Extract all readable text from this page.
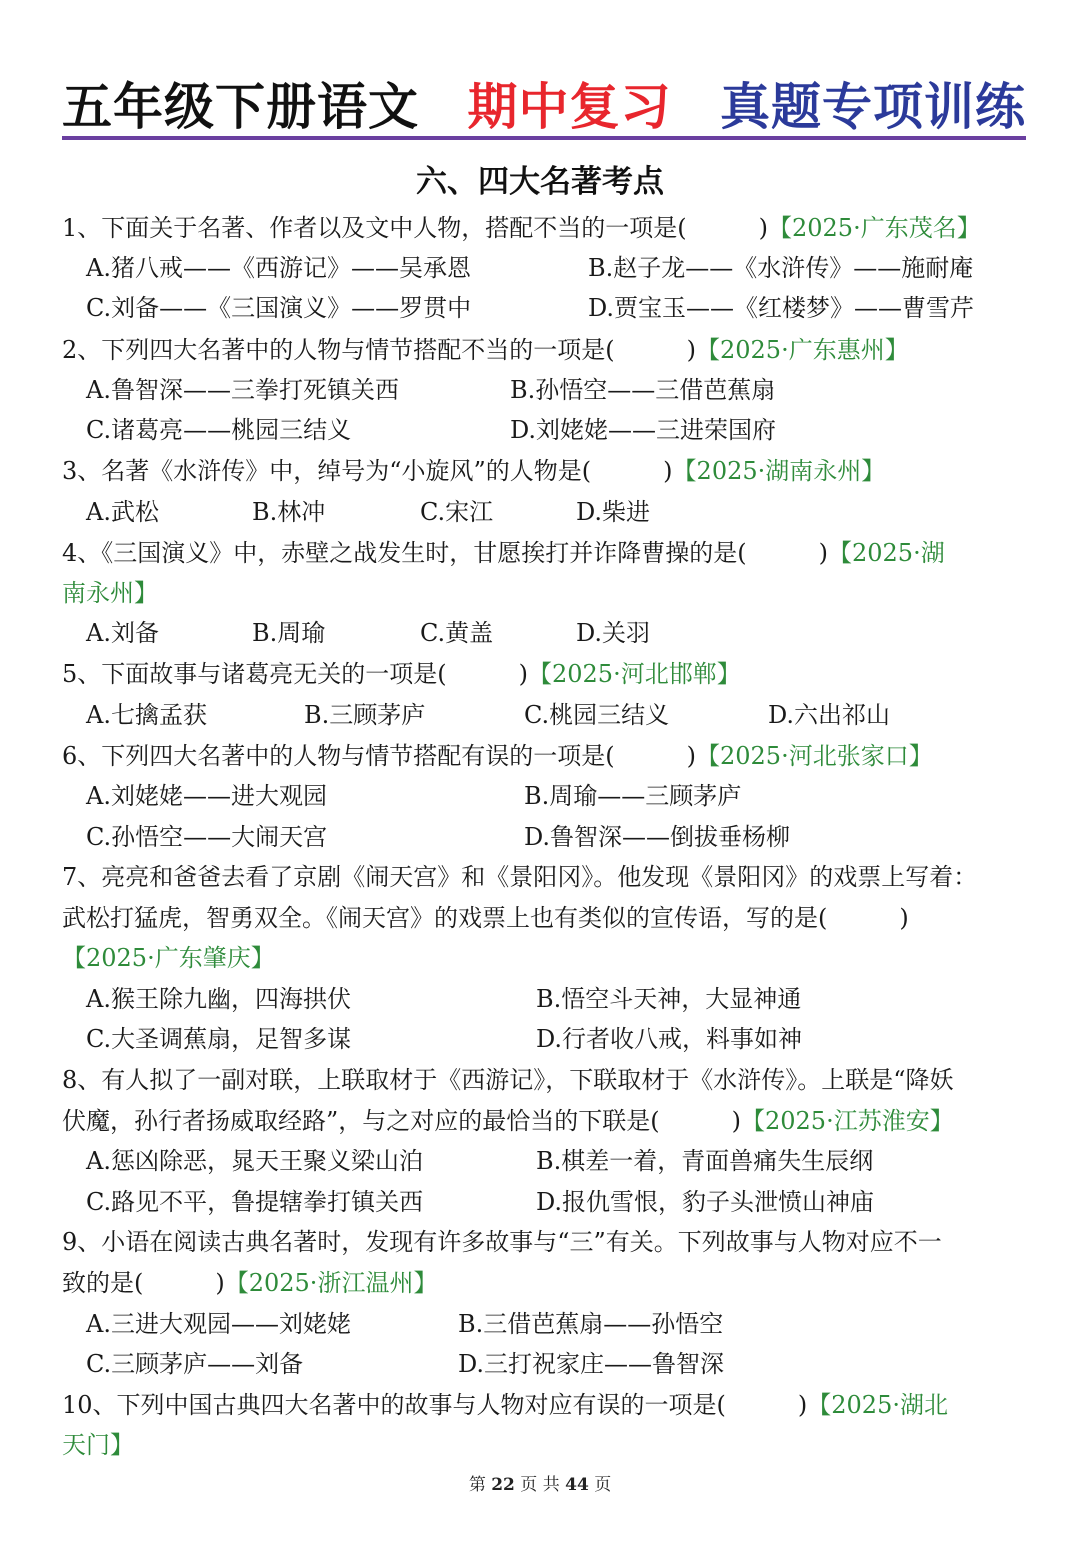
五年级下册语文 期中复习 真题专项训练
六、四大名著考点
1、下面关于名著、作者以及文中人物，搭配不当的一项是(　　　)【2025·广东茂名】
A.猪八戒——《西游记》——吴承恩	B.赵子龙——《水浒传》——施耐庵
C.刘备——《三国演义》——罗贯中	D.贾宝玉——《红楼梦》——曹雪芹
2、下列四大名著中的人物与情节搭配不当的一项是(　　　)【2025·广东惠州】
A.鲁智深——三拳打死镇关西	B.孙悟空——三借芭蕉扇
C.诸葛亮——桃园三结义	D.刘姥姥——三进荣国府
3、名著《水浒传》中，绰号为“小旋风”的人物是(　　　)【2025·湖南永州】
A.武松	B.林冲	C.宋江	D.柴进
4、《三国演义》中，赤壁之战发生时，甘愿挨打并诈降曹操的是(　　　)【2025·湖
南永州】
A.刘备	B.周瑜	C.黄盖	D.关羽
5、下面故事与诸葛亮无关的一项是(　　　)【2025·河北邯郸】
A.七擒孟获	B.三顾茅庐	C.桃园三结义	D.六出祁山
6、下列四大名著中的人物与情节搭配有误的一项是(　　　)【2025·河北张家口】
A.刘姥姥——进大观园	B.周瑜——三顾茅庐
C.孙悟空——大闹天宫	D.鲁智深——倒拔垂杨柳
7、亮亮和爸爸去看了京剧《闹天宫》和《景阳冈》。他发现《景阳冈》的戏票上写着：
武松打猛虎，智勇双全。《闹天宫》的戏票上也有类似的宣传语，写的是(　　　)
【2025·广东肇庆】
A.猴王除九幽，四海拱伏	B.悟空斗天神，大显神通
C.大圣调蕉扇，足智多谋	D.行者收八戒，料事如神
8、有人拟了一副对联，上联取材于《西游记》，下联取材于《水浒传》。上联是“降妖
伏魔，孙行者扬威取经路”，与之对应的最恰当的下联是(　　　)【2025·江苏淮安】
A.惩凶除恶，晁天王聚义梁山泊	B.棋差一着，青面兽痛失生辰纲
C.路见不平，鲁提辖拳打镇关西	D.报仇雪恨，豹子头泄愤山神庙
9、小语在阅读古典名著时，发现有许多故事与“三”有关。下列故事与人物对应不一
致的是(　　　)【2025·浙江温州】
A.三进大观园——刘姥姥	B.三借芭蕉扇——孙悟空
C.三顾茅庐——刘备	D.三打祝家庄——鲁智深
10、下列中国古典四大名著中的故事与人物对应有误的一项是(　　　)【2025·湖北
天门】
第 22 页 共 44 页
